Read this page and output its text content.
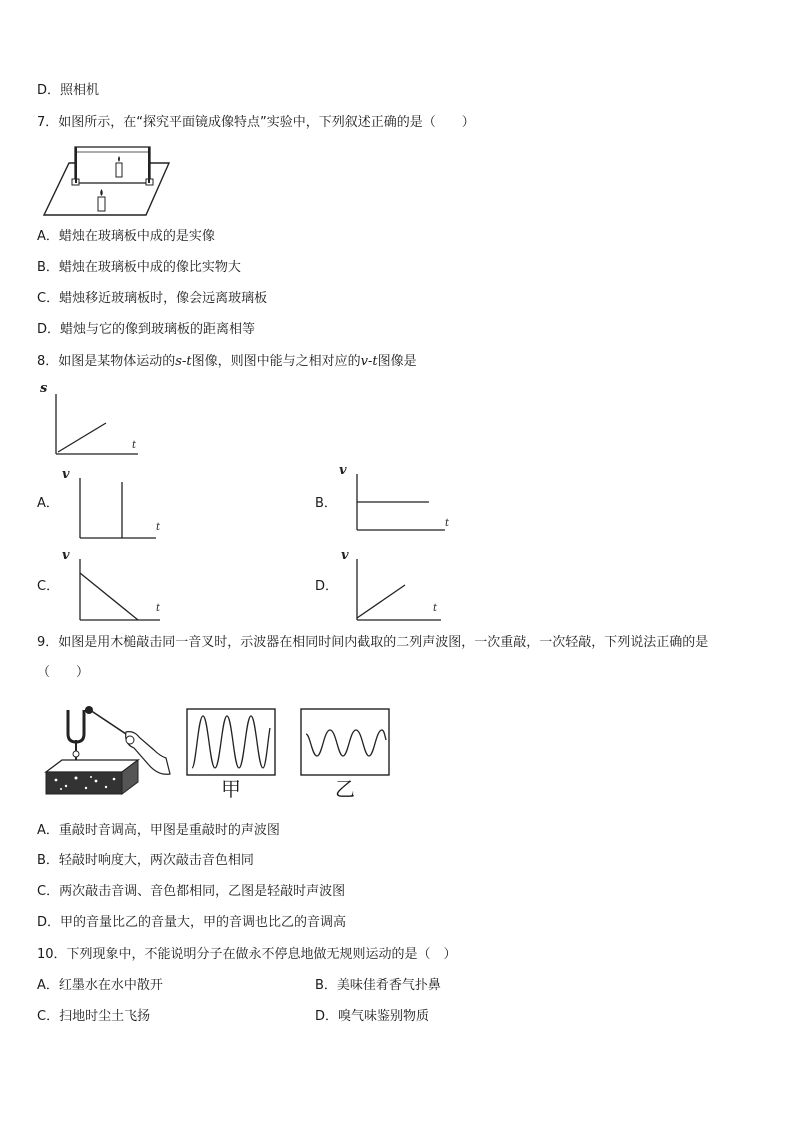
D．照相机
7．如图所示，在“探究平面镜成像特点”实验中，下列叙述正确的是（　　）
A．蜡烛在玻璃板中成的是实像
B．蜡烛在玻璃板中成的像比实物大
C．蜡烛移近玻璃板时，像会远离玻璃板
D．蜡烛与它的像到玻璃板的距离相等
8．如图是某物体运动的s-t图像，则图中能与之相对应的v-t图像是
s
t
A．
v
t
B．
v
t
C．
v
t
D．
v
t
9．如图是用木槌敲击同一音叉时，示波器在相同时间内截取的二列声波图，一次重敲，一次轻敲，下列说法正确的是
（　　）
甲	乙
A．重敲时音调高，甲图是重敲时的声波图
B．轻敲时响度大，两次敲击音色相同
C．两次敲击音调、音色都相同，乙图是轻敲时声波图
D．甲的音量比乙的音量大，甲的音调也比乙的音调高
10．下列现象中，不能说明分子在做永不停息地做无规则运动的是（　）
A．红墨水在水中散开	B．美味佳肴香气扑鼻
C．扫地时尘土飞扬	D．嗅气味鉴别物质
